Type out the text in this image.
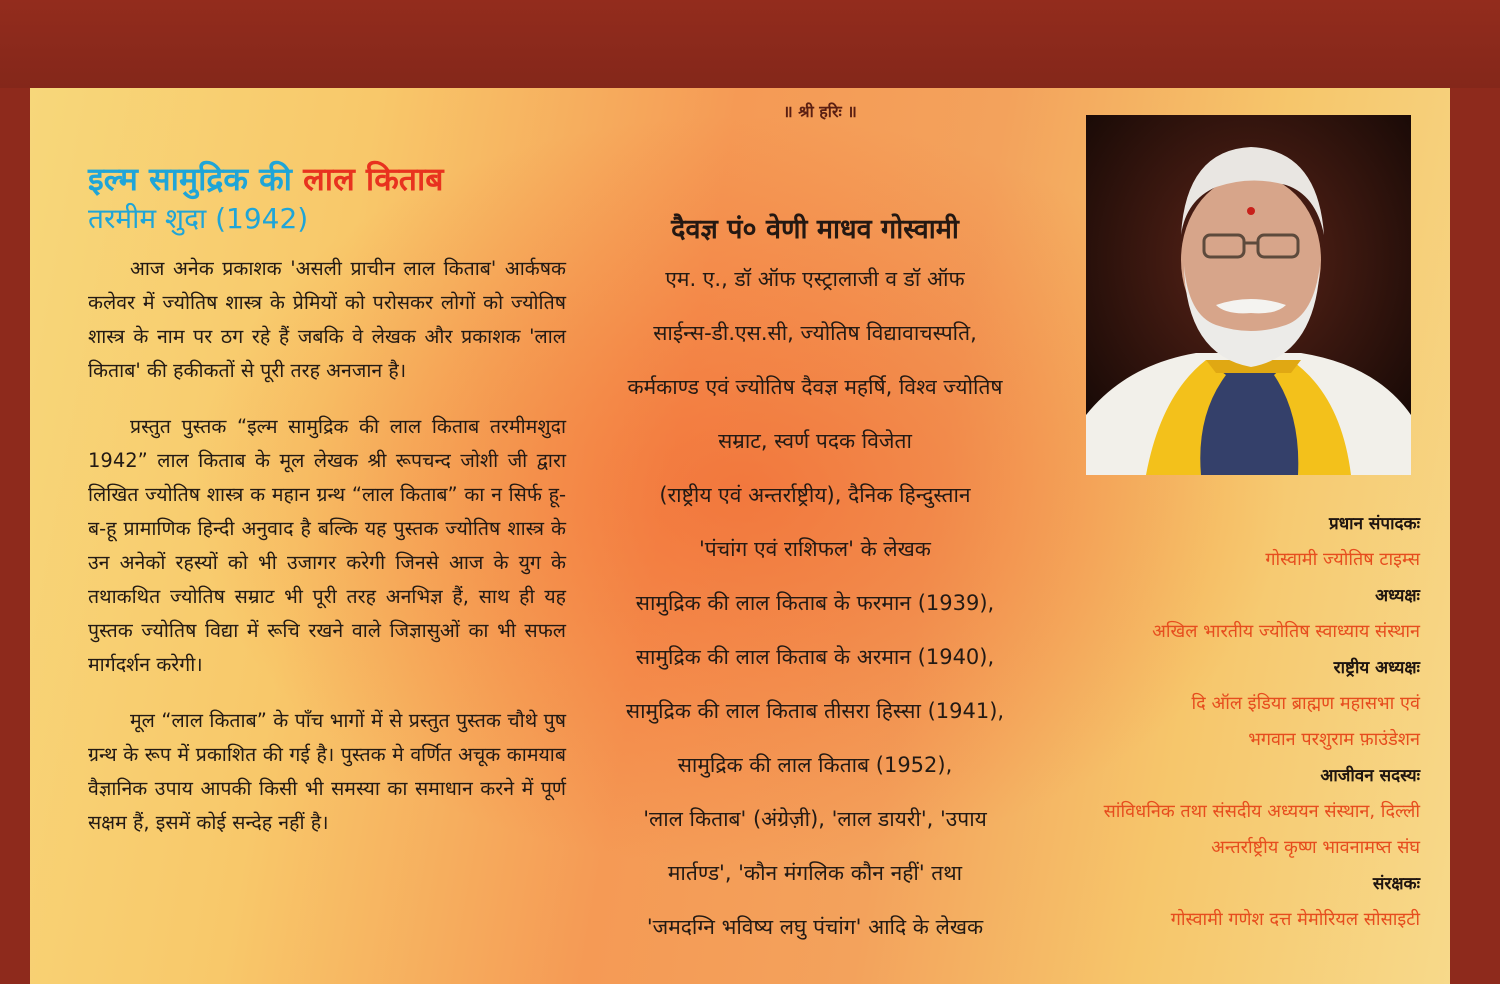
॥ श्री हरिः ॥
इल्म सामुद्रिक की लाल किताब
तरमीम शुदा (1942)

आज अनेक प्रकाशक 'असली प्राचीन लाल किताब' आर्कषक कलेवर में ज्योतिष शास्त्र के प्रेमियों को परोसकर लोगों को ज्योतिष शास्त्र के नाम पर ठग रहे हैं जबकि वे लेखक और प्रकाशक 'लाल किताब' की हकीकतों से पूरी तरह अनजान है।

प्रस्तुत पुस्तक “इल्म सामुद्रिक की लाल किताब तरमीमशुदा 1942” लाल किताब के मूल लेखक श्री रूपचन्द जोशी जी द्वारा लिखित ज्योतिष शास्त्र क महान ग्रन्थ “लाल किताब” का न सिर्फ हू-ब-हू प्रामाणिक हिन्दी अनुवाद है बल्कि यह पुस्तक ज्योतिष शास्त्र के उन अनेकों रहस्यों को भी उजागर करेगी जिनसे आज के युग के तथाकथित ज्योतिष सम्राट भी पूरी तरह अनभिज्ञ हैं, साथ ही यह पुस्तक ज्योतिष विद्या में रूचि रखने वाले जिज्ञासुओं का भी सफल मार्गदर्शन करेगी।

मूल “लाल किताब” के पाँच भागों में से प्रस्तुत पुस्तक चौथे पुष ग्रन्थ के रूप में प्रकाशित की गई है। पुस्तक मे वर्णित अचूक कामयाब वैज्ञानिक उपाय आपकी किसी भी समस्या का समाधान करने में पूर्ण सक्षम हैं, इसमें कोई सन्देह नहीं है।

दैवज्ञ पं० वेणी माधव गोस्वामी
एम. ए., डॉ ऑफ एस्ट्रालाजी व डॉ ऑफ
साईन्स-डी.एस.सी, ज्योतिष विद्यावाचस्पति,
कर्मकाण्ड एवं ज्योतिष दैवज्ञ महर्षि, विश्व ज्योतिष
सम्राट, स्वर्ण पदक विजेता
(राष्ट्रीय एवं अन्तर्राष्ट्रीय), दैनिक हिन्दुस्तान
'पंचांग एवं राशिफल' के लेखक
सामुद्रिक की लाल किताब के फरमान (1939),
सामुद्रिक की लाल किताब के अरमान (1940),
सामुद्रिक की लाल किताब तीसरा हिस्सा (1941),
सामुद्रिक की लाल किताब (1952),
'लाल किताब' (अंग्रेज़ी), 'लाल डायरी', 'उपाय
मार्तण्ड', 'कौन मंगलिक कौन नहीं' तथा
'जमदग्नि भविष्य लघु पंचांग' आदि के लेखक
प्रधान संपादकः
गोस्वामी ज्योतिष टाइम्स
अध्यक्षः
अखिल भारतीय ज्योतिष स्वाध्याय संस्थान
राष्ट्रीय अध्यक्षः
दि ऑल इंडिया ब्राह्मण महासभा एवं
भगवान परशुराम फ़ाउंडेशन
आजीवन सदस्यः
सांविधनिक तथा संसदीय अध्ययन संस्थान, दिल्ली
अन्तर्राष्ट्रीय कृष्ण भावनामष्त संघ
संरक्षकः
गोस्वामी गणेश दत्त मेमोरियल सोसाइटी
